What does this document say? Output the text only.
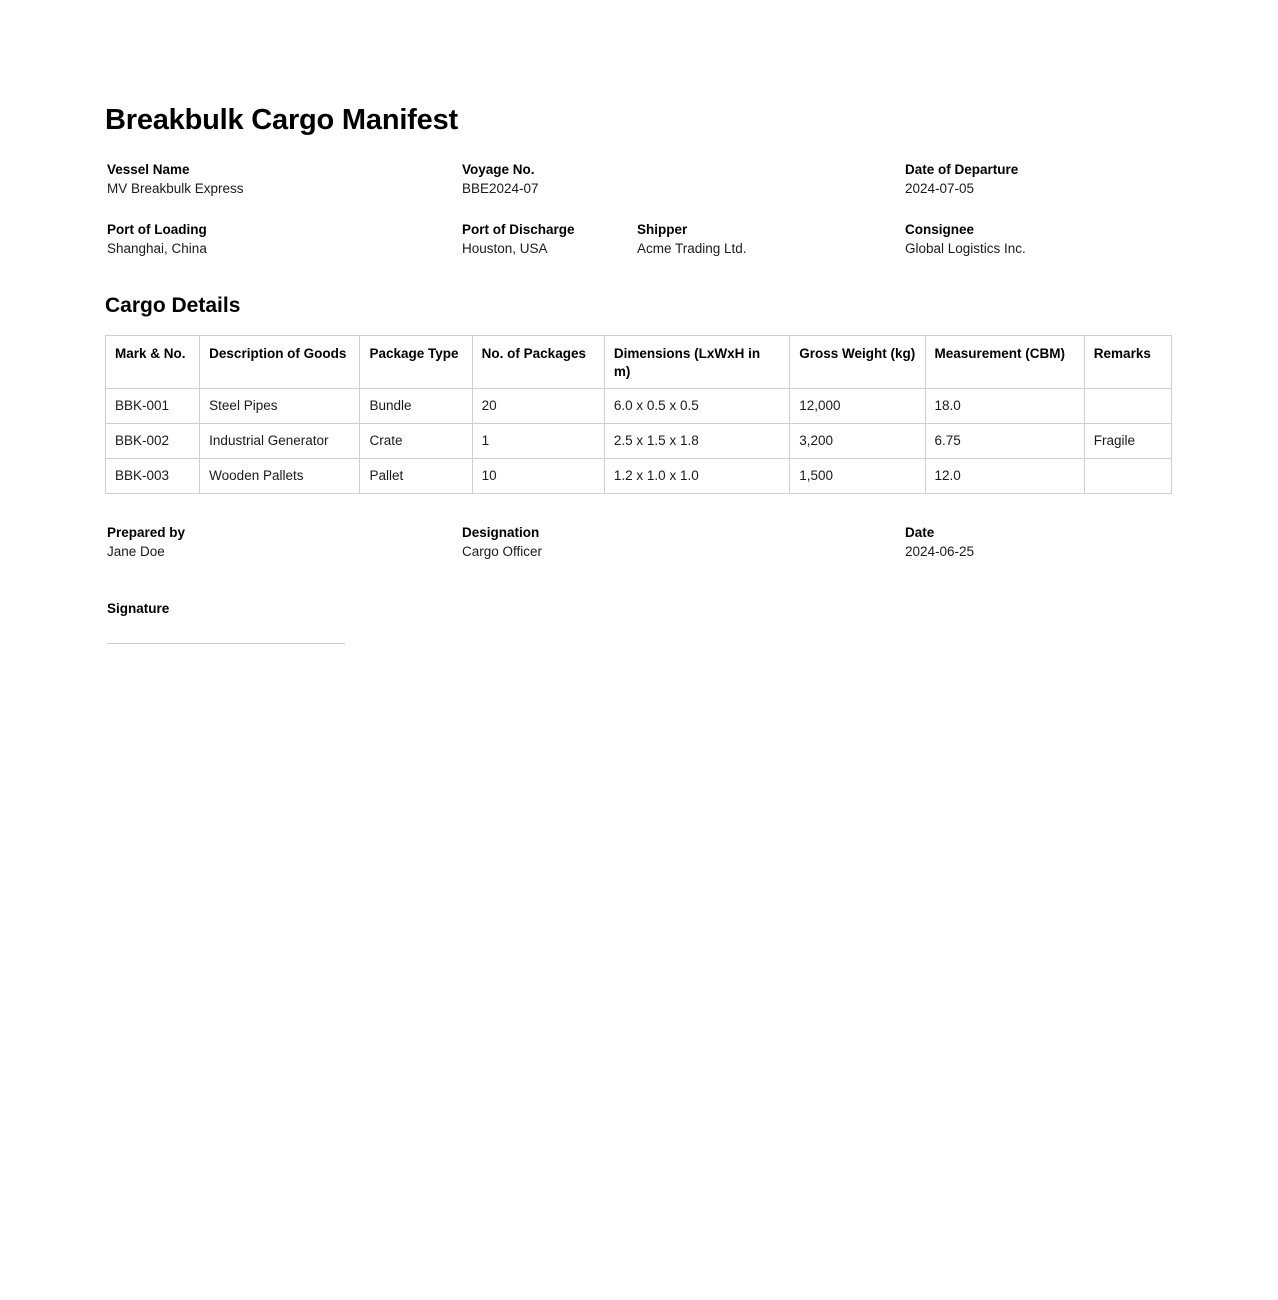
Breakbulk Cargo Manifest
Vessel Name
MV Breakbulk Express
Voyage No.
BBE2024-07
Date of Departure
2024-07-05
Port of Loading
Shanghai, China
Port of Discharge
Houston, USA
Shipper
Acme Trading Ltd.
Consignee
Global Logistics Inc.
Cargo Details
Mark & No.	Description of Goods	Package Type	No. of Packages	Dimensions (LxWxH in m)	Gross Weight (kg)	Measurement (CBM)	Remarks
BBK-001	Steel Pipes	Bundle	20	6.0 x 0.5 x 0.5	12,000	18.0	
BBK-002	Industrial Generator	Crate	1	2.5 x 1.5 x 1.8	3,200	6.75	Fragile
BBK-003	Wooden Pallets	Pallet	10	1.2 x 1.0 x 1.0	1,500	12.0	
Prepared by
Jane Doe
Designation
Cargo Officer
Date
2024-06-25
Signature
